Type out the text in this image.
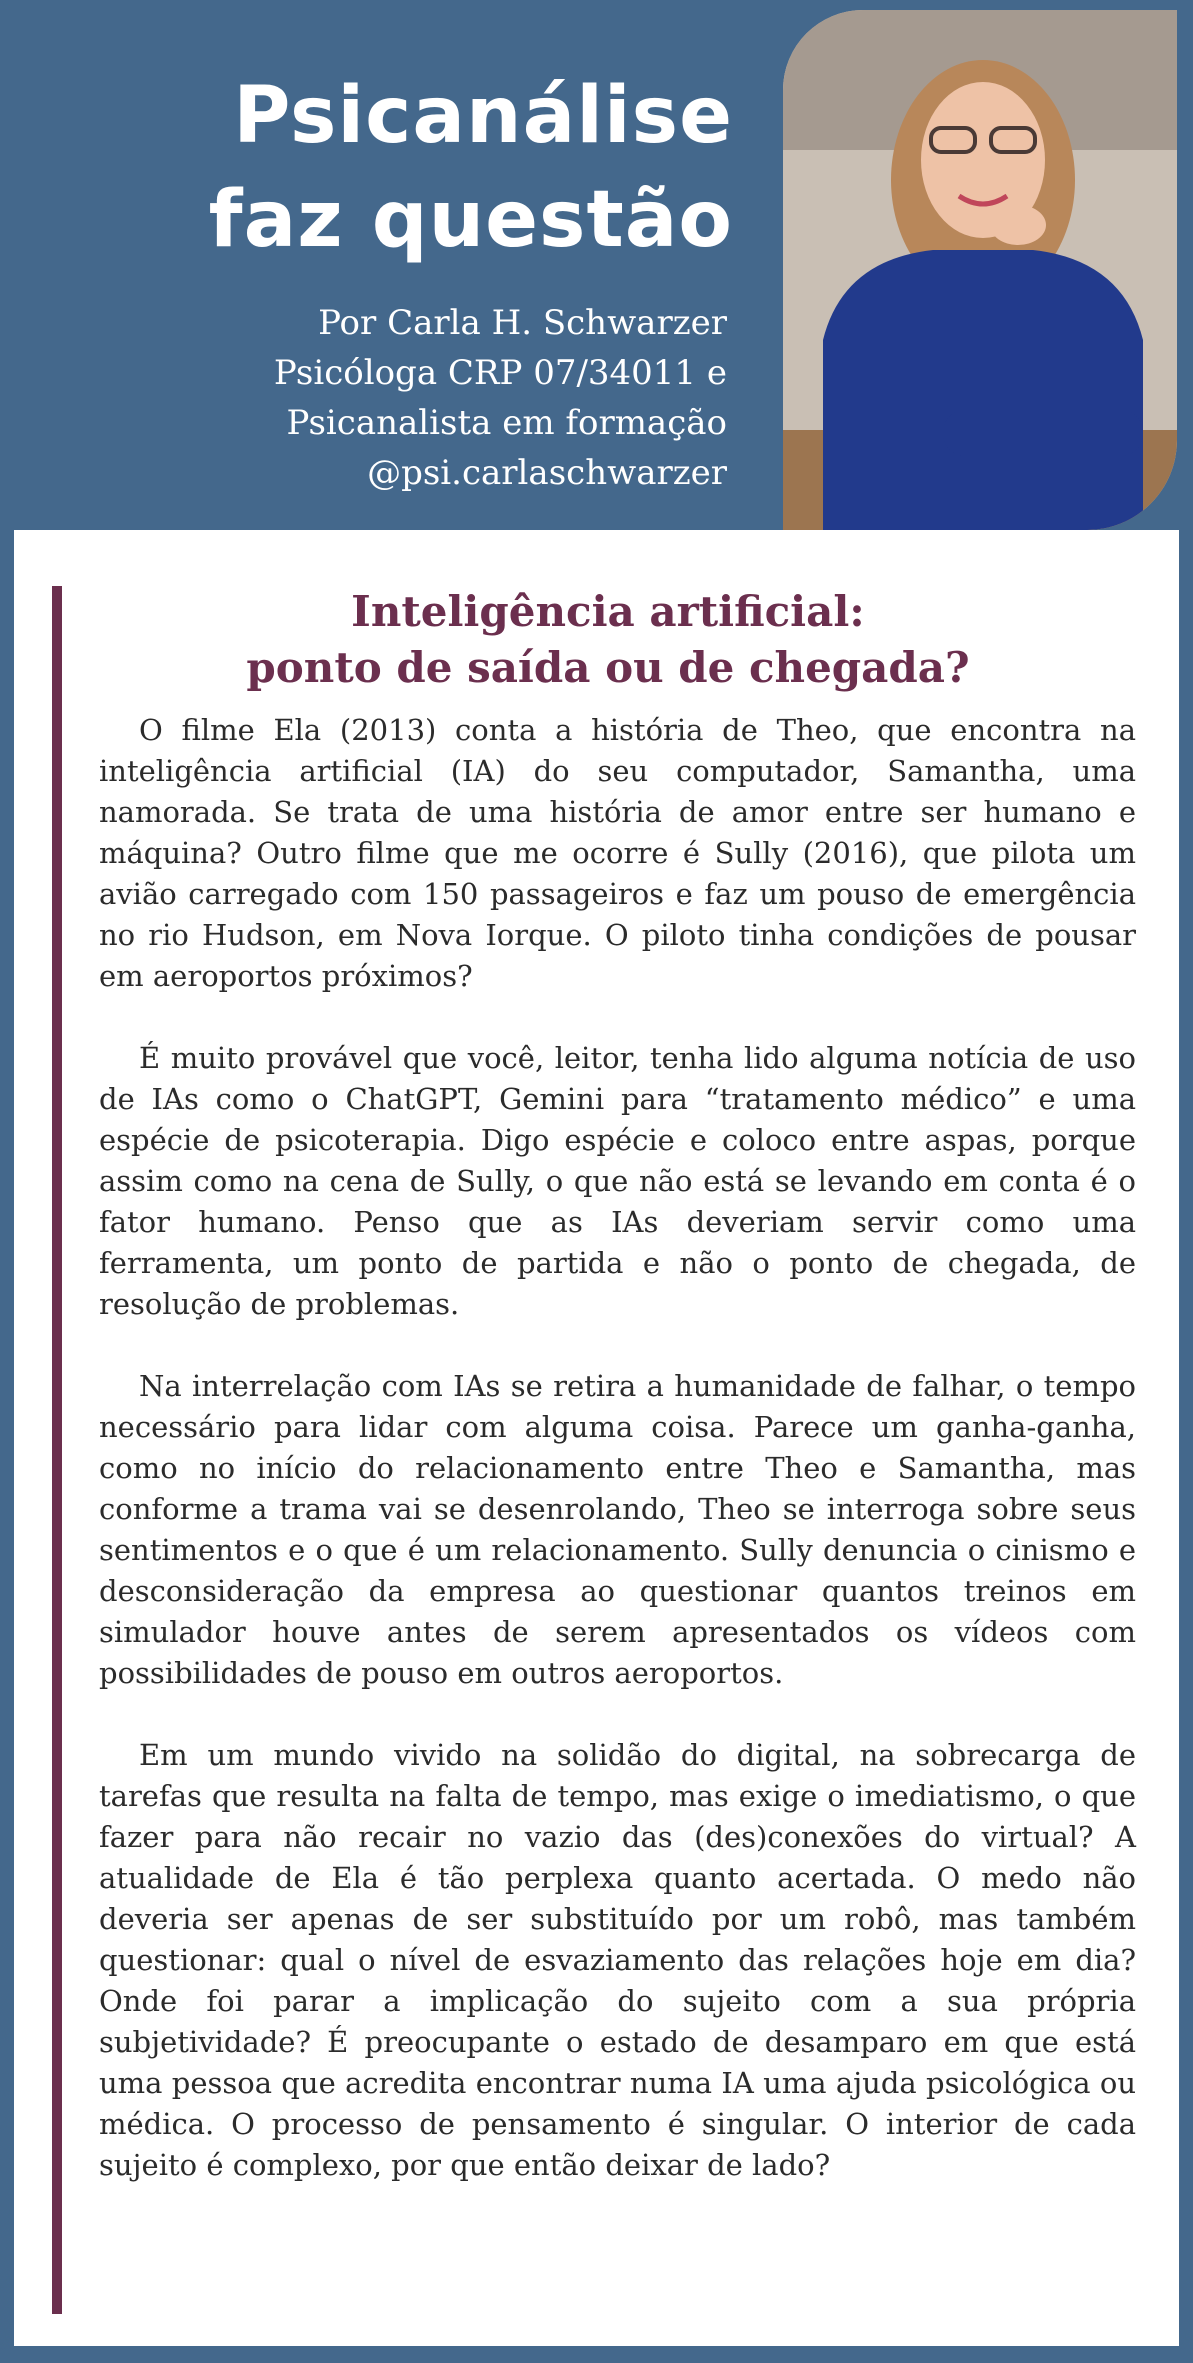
Psicanálise
faz questão
Por Carla H. Schwarzer
Psicóloga CRP 07/34011 e
Psicanalista em formação
@psi.carlaschwarzer
Inteligência artificial:
ponto de saída ou de chegada?

O filme Ela (2013) conta a história de Theo, que encontra na inteligência artificial (IA) do seu computador, Samantha, uma namorada. Se trata de uma história de amor entre ser humano e máquina? Outro filme que me ocorre é Sully (2016), que pilota um avião carregado com 150 passageiros e faz um pouso de emergência no rio Hudson, em Nova Iorque. O piloto tinha condições de pousar em aeroportos próximos?

É muito provável que você, leitor, tenha lido alguma notícia de uso de IAs como o ChatGPT, Gemini para “tratamento médico” e uma espécie de psicoterapia. Digo espécie e coloco entre aspas, porque assim como na cena de Sully, o que não está se levando em conta é o fator humano. Penso que as IAs deveriam servir como uma ferramenta, um ponto de partida e não o ponto de chegada, de resolução de problemas.

Na interrelação com IAs se retira a humanidade de falhar, o tempo necessário para lidar com alguma coisa. Parece um ganha-ganha, como no início do relacionamento entre Theo e Samantha, mas conforme a trama vai se desenrolando, Theo se interroga sobre seus sentimentos e o que é um relacionamento. Sully denuncia o cinismo e desconsideração da empresa ao questionar quantos treinos em simulador houve antes de serem apresentados os vídeos com possibilidades de pouso em outros aeroportos.

Em um mundo vivido na solidão do digital, na sobrecarga de tarefas que resulta na falta de tempo, mas exige o imediatismo, o que fazer para não recair no vazio das (des)conexões do virtual? A atualidade de Ela é tão perplexa quanto acertada. O medo não deveria ser apenas de ser substituído por um robô, mas também questionar: qual o nível de esvaziamento das relações hoje em dia? Onde foi parar a implicação do sujeito com a sua própria subjetividade? É preocupante o estado de desamparo em que está uma pessoa que acredita encontrar numa IA uma ajuda psicológica ou médica. O processo de pensamento é singular. O interior de cada sujeito é complexo, por que então deixar de lado?
